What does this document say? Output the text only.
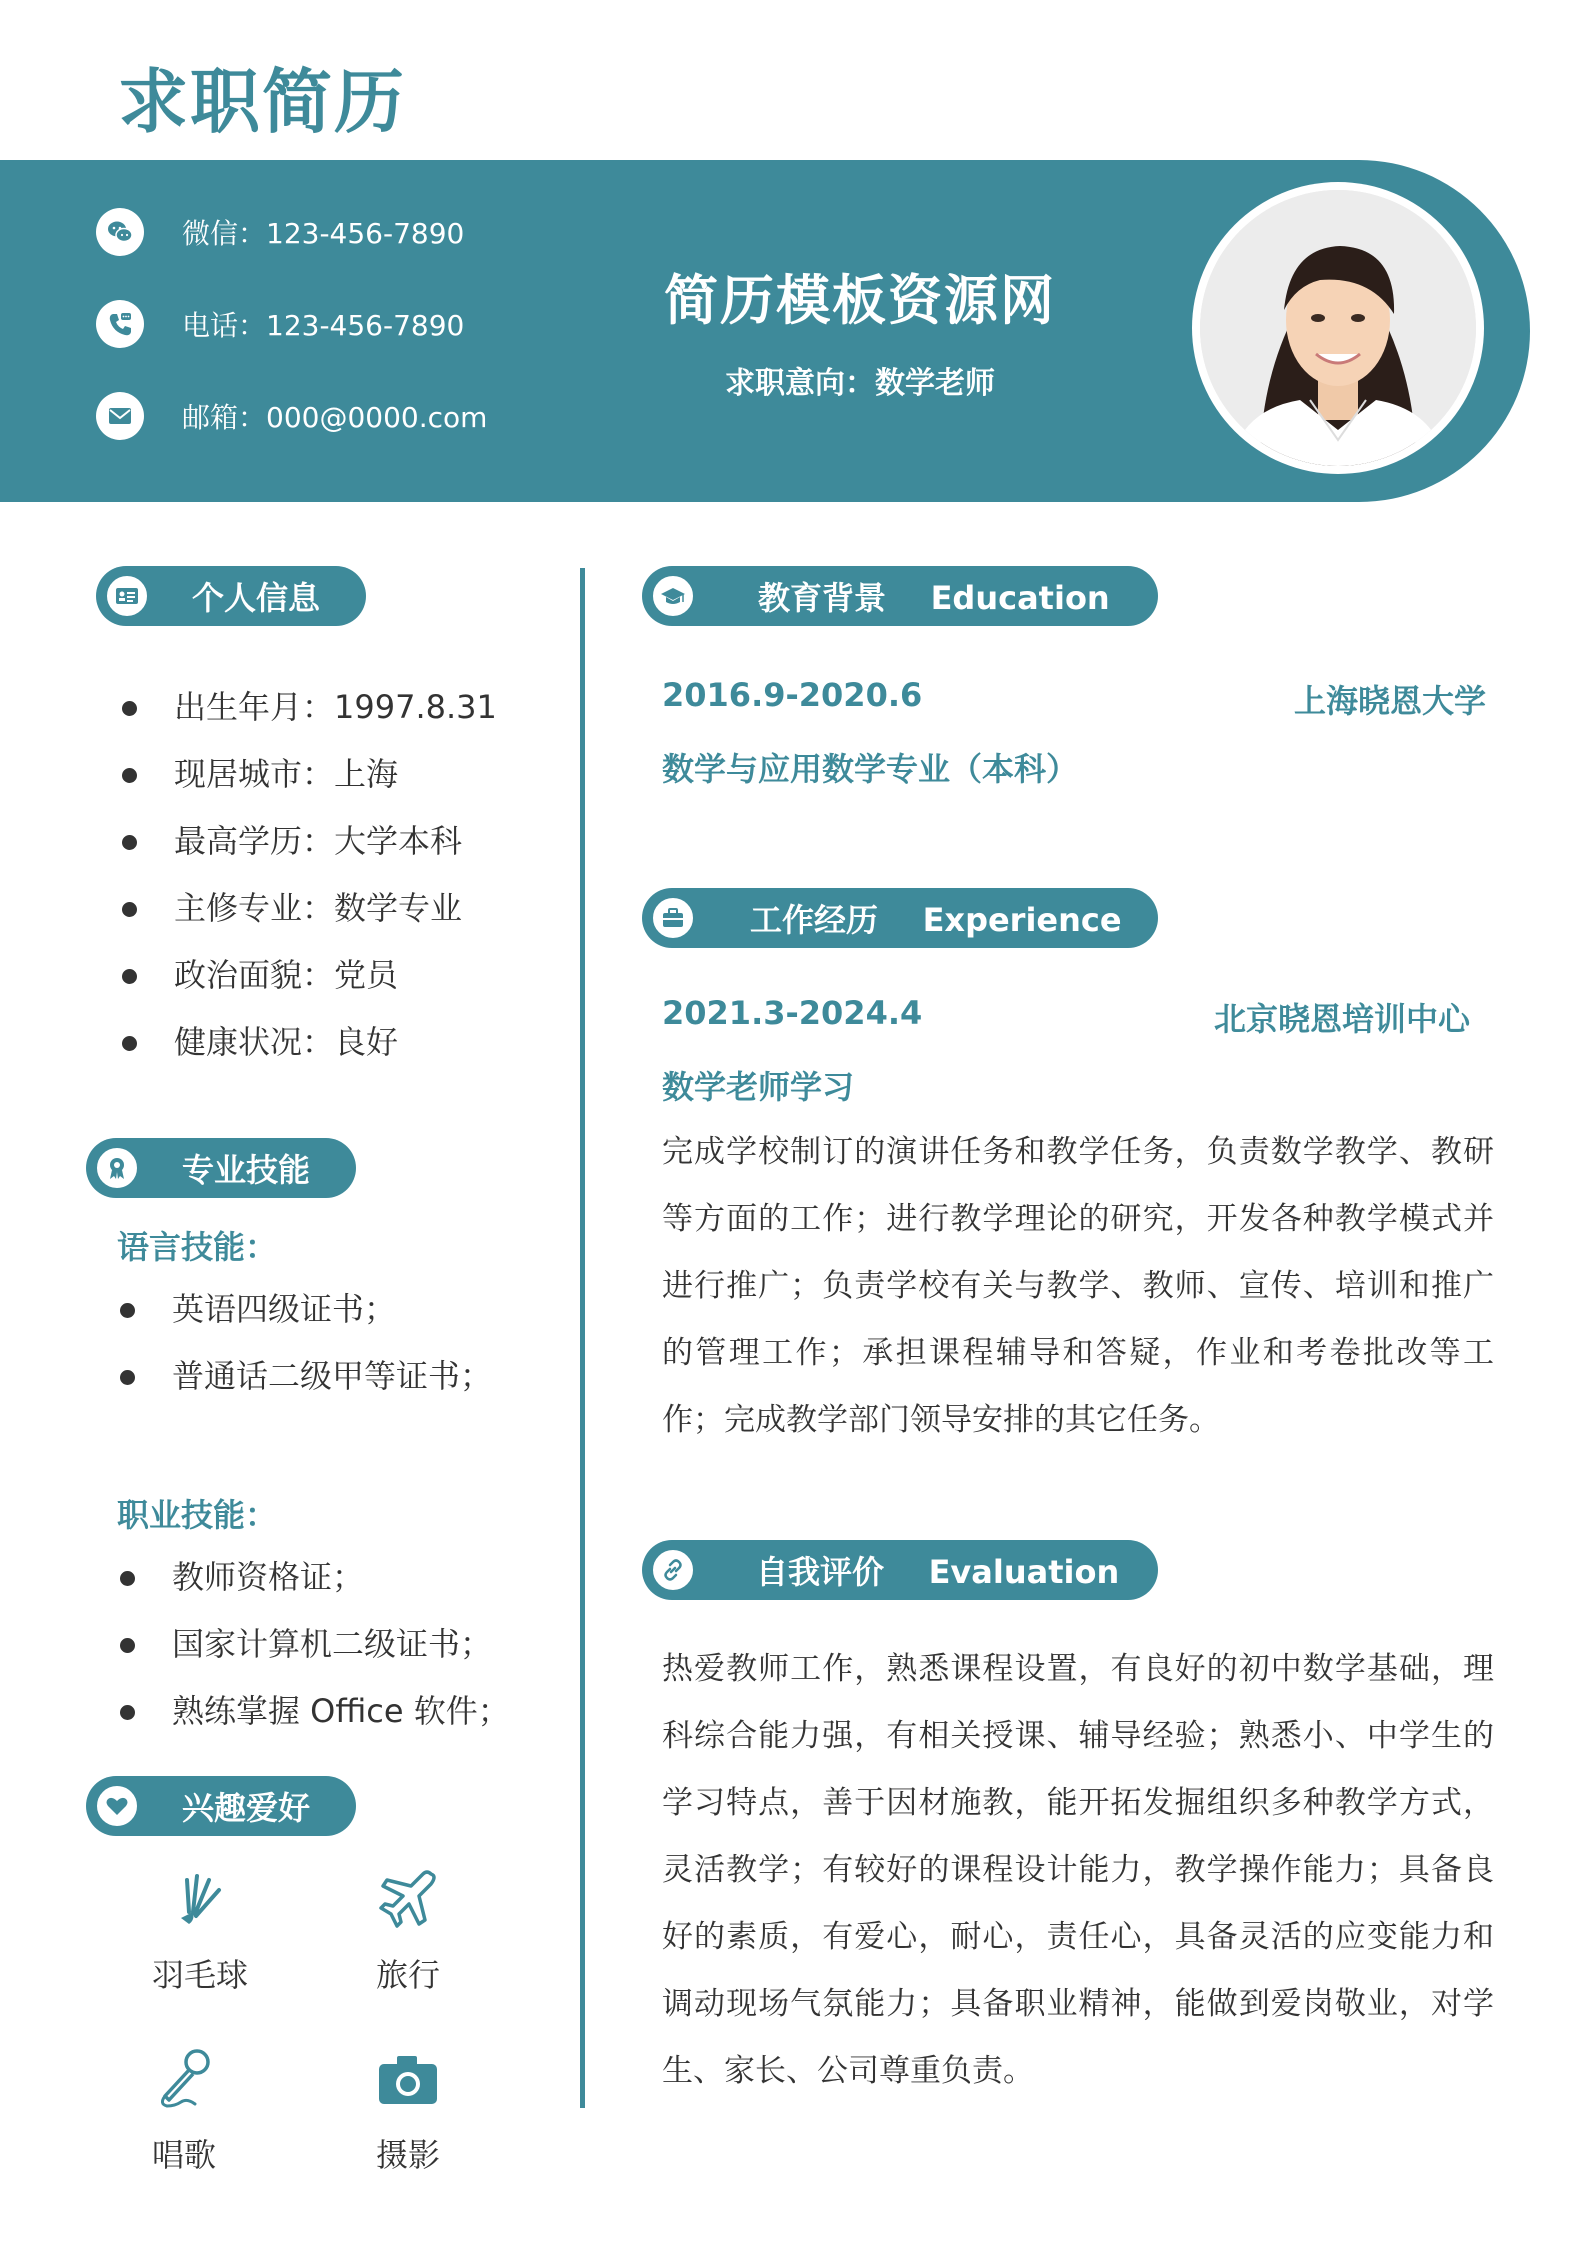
求职简历
微信：123-456-7890
电话：123-456-7890
邮箱：000@0000.com
简历模板资源网
求职意向：数学老师
个人信息
出生年月：1997.8.31
现居城市：上海
最高学历：大学本科
主修专业：数学专业
政治面貌：党员
健康状况：良好
专业技能
语言技能：
英语四级证书；
普通话二级甲等证书；
职业技能：
教师资格证；
国家计算机二级证书；
熟练掌握 Office 软件；
兴趣爱好
羽毛球	旅行
唱歌	摄影
教育背景    Education
2016.9-2020.6	上海晓恩大学
数学与应用数学专业（本科）
工作经历    Experience
2021.3-2024.4	北京晓恩培训中心
数学老师学习
完成学校制订的演讲任务和教学任务，负责数学教学、教研等方面的工作；进行教学理论的研究，开发各种教学模式并进行推广；负责学校有关与教学、教师、宣传、培训和推广的管理工作；承担课程辅导和答疑，作业和考卷批改等工作；完成教学部门领导安排的其它任务。
自我评价    Evaluation
热爱教师工作，熟悉课程设置，有良好的初中数学基础，理科综合能力强，有相关授课、辅导经验；熟悉小、中学生的学习特点，善于因材施教，能开拓发掘组织多种教学方式，灵活教学；有较好的课程设计能力，教学操作能力；具备良好的素质，有爱心，耐心，责任心，具备灵活的应变能力和调动现场气氛能力；具备职业精神，能做到爱岗敬业，对学生、家长、公司尊重负责。
